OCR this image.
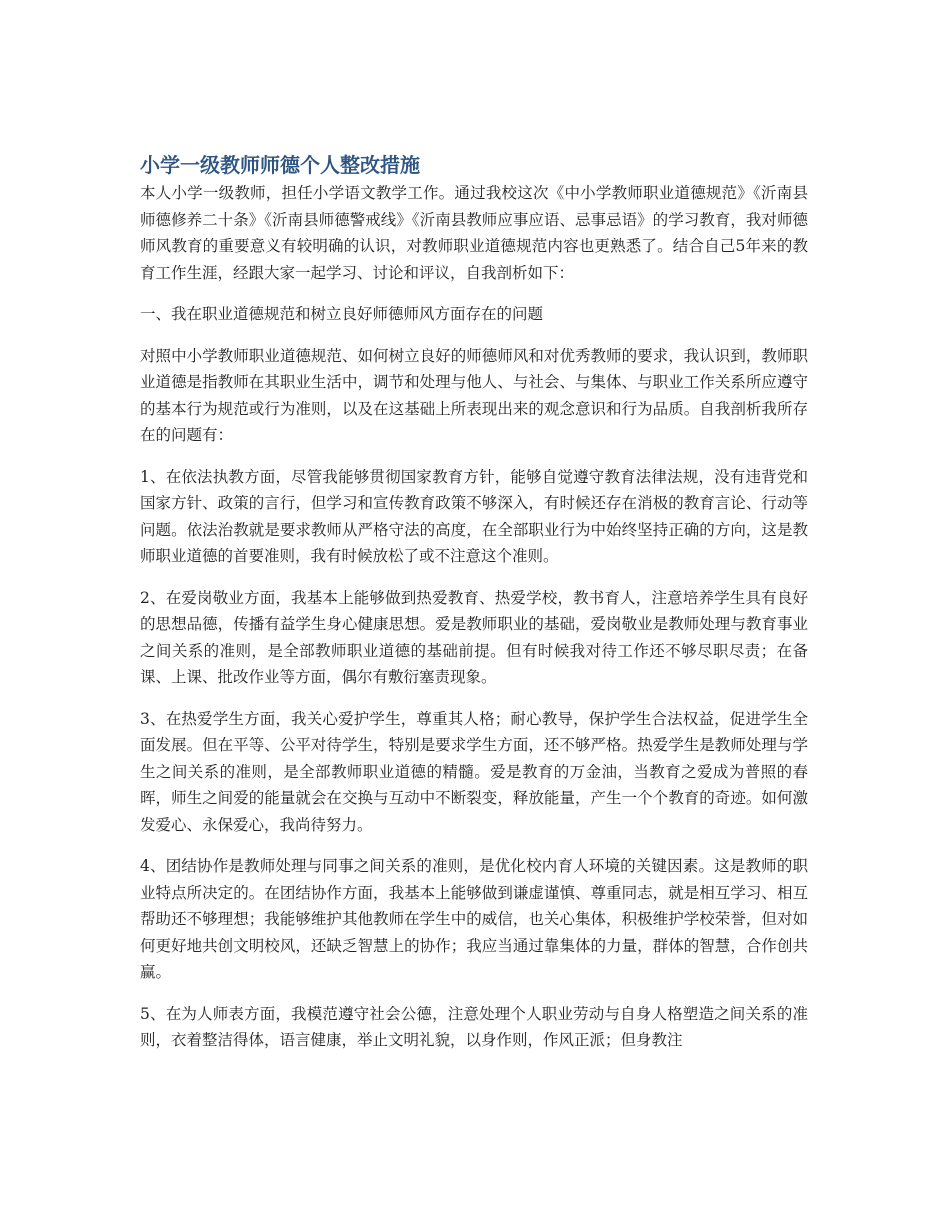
小学一级教师师德个人整改措施

本人小学一级教师，担任小学语文教学工作。通过我校这次《中小学教师职业道德规范》《沂南县师德修养二十条》《沂南县师德警戒线》《沂南县教师应事应语、忌事忌语》的学习教育，我对师德师风教育的重要意义有较明确的认识，对教师职业道德规范内容也更熟悉了。结合自己5年来的教育工作生涯，经跟大家一起学习、讨论和评议，自我剖析如下：

一、我在职业道德规范和树立良好师德师风方面存在的问题

对照中小学教师职业道德规范、如何树立良好的师德师风和对优秀教师的要求，我认识到，教师职业道德是指教师在其职业生活中，调节和处理与他人、与社会、与集体、与职业工作关系所应遵守的基本行为规范或行为准则，以及在这基础上所表现出来的观念意识和行为品质。自我剖析我所存在的问题有：

1、在依法执教方面，尽管我能够贯彻国家教育方针，能够自觉遵守教育法律法规，没有违背党和国家方针、政策的言行，但学习和宣传教育政策不够深入，有时候还存在消极的教育言论、行动等问题。依法治教就是要求教师从严格守法的高度，在全部职业行为中始终坚持正确的方向，这是教师职业道德的首要准则，我有时候放松了或不注意这个准则。

2、在爱岗敬业方面，我基本上能够做到热爱教育、热爱学校，教书育人，注意培养学生具有良好的思想品德，传播有益学生身心健康思想。爱是教师职业的基础，爱岗敬业是教师处理与教育事业之间关系的准则，是全部教师职业道德的基础前提。但有时候我对待工作还不够尽职尽责；在备课、上课、批改作业等方面，偶尔有敷衍塞责现象。

3、在热爱学生方面，我关心爱护学生，尊重其人格；耐心教导，保护学生合法权益，促进学生全面发展。但在平等、公平对待学生，特别是要求学生方面，还不够严格。热爱学生是教师处理与学生之间关系的准则，是全部教师职业道德的精髓。爱是教育的万金油，当教育之爱成为普照的春晖，师生之间爱的能量就会在交换与互动中不断裂变，释放能量，产生一个个教育的奇迹。如何激发爱心、永保爱心，我尚待努力。

4、团结协作是教师处理与同事之间关系的准则，是优化校内育人环境的关键因素。这是教师的职业特点所决定的。在团结协作方面，我基本上能够做到谦虚谨慎、尊重同志，就是相互学习、相互帮助还不够理想；我能够维护其他教师在学生中的威信，也关心集体，积极维护学校荣誉，但对如何更好地共创文明校风，还缺乏智慧上的协作；我应当通过靠集体的力量，群体的智慧，合作创共赢。

5、在为人师表方面，我模范遵守社会公德，注意处理个人职业劳动与自身人格塑造之间关系的准则，衣着整洁得体，语言健康，举止文明礼貌，以身作则，作风正派；但身教注
